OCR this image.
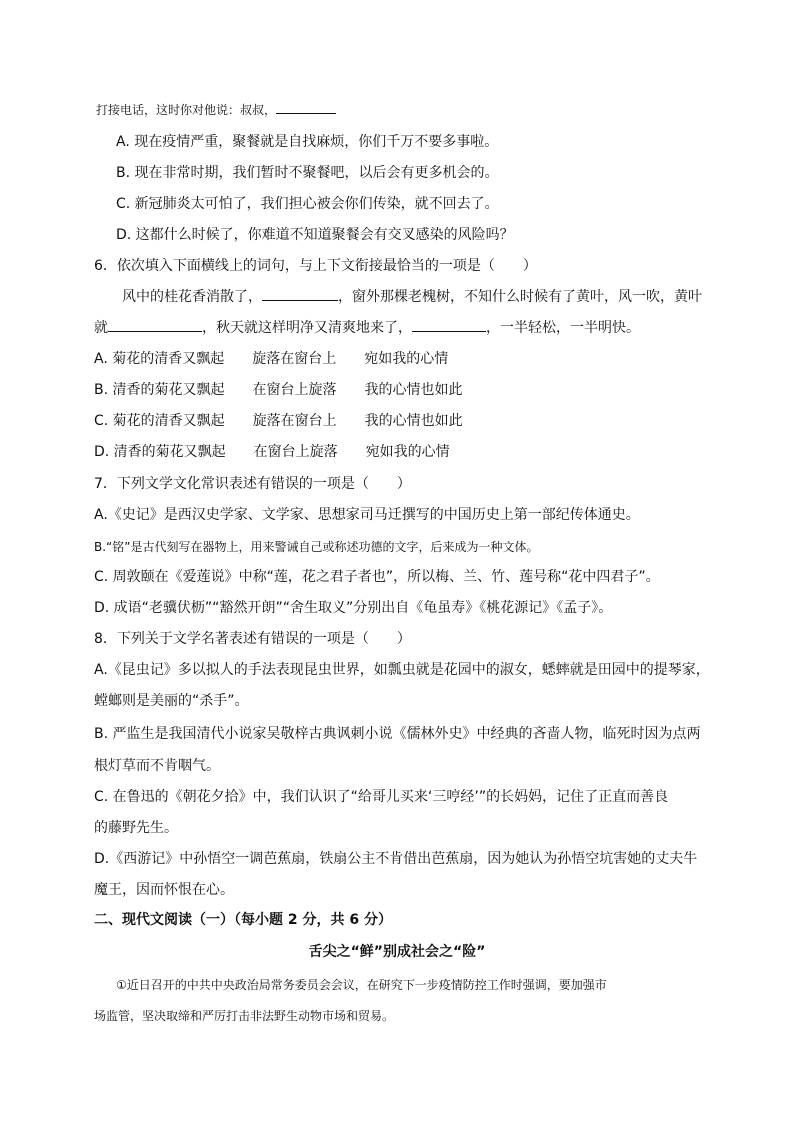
打接电话，这时你对他说：叔叔，
A. 现在疫情严重，聚餐就是自找麻烦，你们千万不要多事啦。
B. 现在非常时期，我们暂时不聚餐吧，以后会有更多机会的。
C. 新冠肺炎太可怕了，我们担心被会你们传染，就不回去了。
D. 这都什么时候了，你难道不知道聚餐会有交叉感染的风险吗？
6．依次填入下面横线上的词句，与上下文衔接最恰当的一项是（　　）
风中的桂花香消散了，	，窗外那棵老槐树，不知什么时候有了黄叶，风一吹，黄叶
就	，秋天就这样明净又清爽地来了，	，一半轻松，一半明快。
A. 菊花的清香又飘起　　旋落在窗台上　　宛如我的心情
B. 清香的菊花又飘起　　在窗台上旋落　　我的心情也如此
C. 菊花的清香又飘起　　旋落在窗台上　　我的心情也如此
D. 清香的菊花又飘起　　在窗台上旋落　　宛如我的心情
7．下列文学文化常识表述有错误的一项是（　　）
A.《史记》是西汉史学家、文学家、思想家司马迁撰写的中国历史上第一部纪传体通史。
B.“铭”是古代刻写在器物上，用来警诫自己或称述功德的文字，后来成为一种文体。
C. 周敦颐在《爱莲说》中称“莲，花之君子者也”，所以梅、兰、竹、莲号称“花中四君子”。
D. 成语“老骥伏枥”“豁然开朗”“舍生取义”分别出自《龟虽寿》《桃花源记》《孟子》。
8．下列关于文学名著表述有错误的一项是（　　）
A.《昆虫记》多以拟人的手法表现昆虫世界，如瓢虫就是花园中的淑女，蟋蟀就是田园中的提琴家，
螳螂则是美丽的“杀手”。
B. 严监生是我国清代小说家吴敬梓古典讽刺小说《儒林外史》中经典的吝啬人物，临死时因为点两
根灯草而不肯咽气。
C. 在鲁迅的《朝花夕拾》中，我们认识了“给哥儿买来‘三哼经’”的长妈妈，记住了正直而善良
的藤野先生。
D.《西游记》中孙悟空一调芭蕉扇，铁扇公主不肯借出芭蕉扇，因为她认为孙悟空坑害她的丈夫牛
魔王，因而怀恨在心。
二、现代文阅读（一）（每小题 2 分，共 6 分）
舌尖之“鲜”别成社会之“险”
①近日召开的中共中央政治局常务委员会会议，在研究下一步疫情防控工作时强调，要加强市
场监管，坚决取缔和严厉打击非法野生动物市场和贸易。
